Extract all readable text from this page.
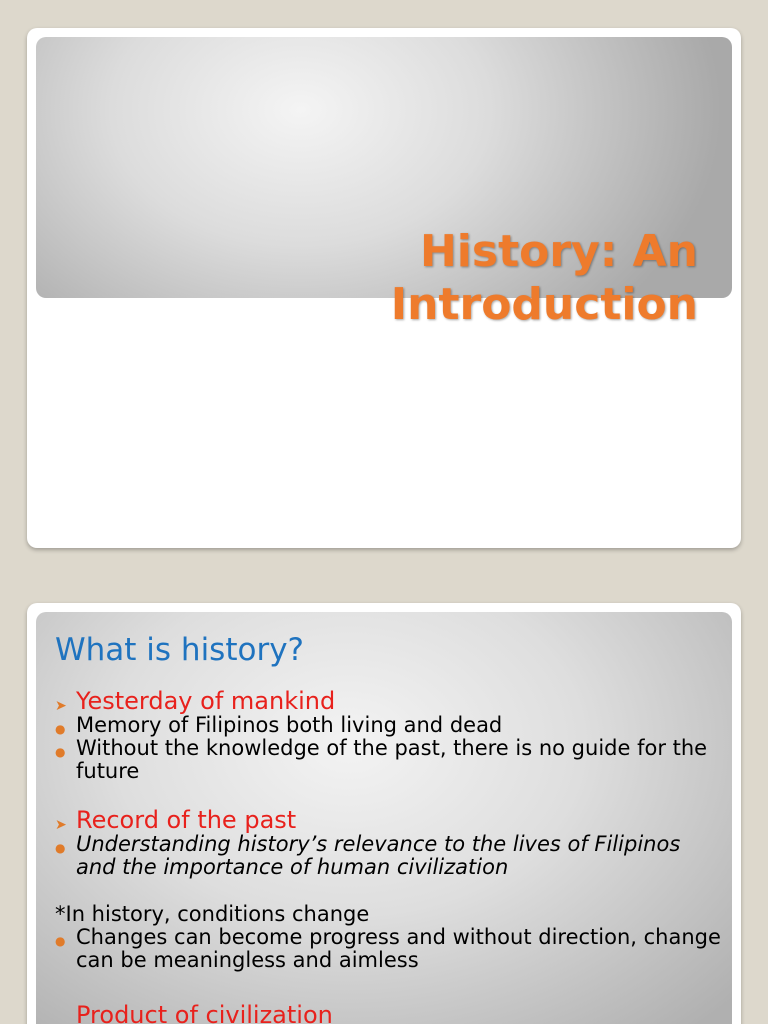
History: An
Introduction
What is history?
➤ Yesterday of mankind
● Memory of Filipinos both living and dead
● Without the knowledge of the past, there is no guide for the future
➤ Record of the past
● Understanding history’s relevance to the lives of Filipinos and the importance of human civilization
*In history, conditions change
● Changes can become progress and without direction, change can be meaningless and aimless
Product of civilization
